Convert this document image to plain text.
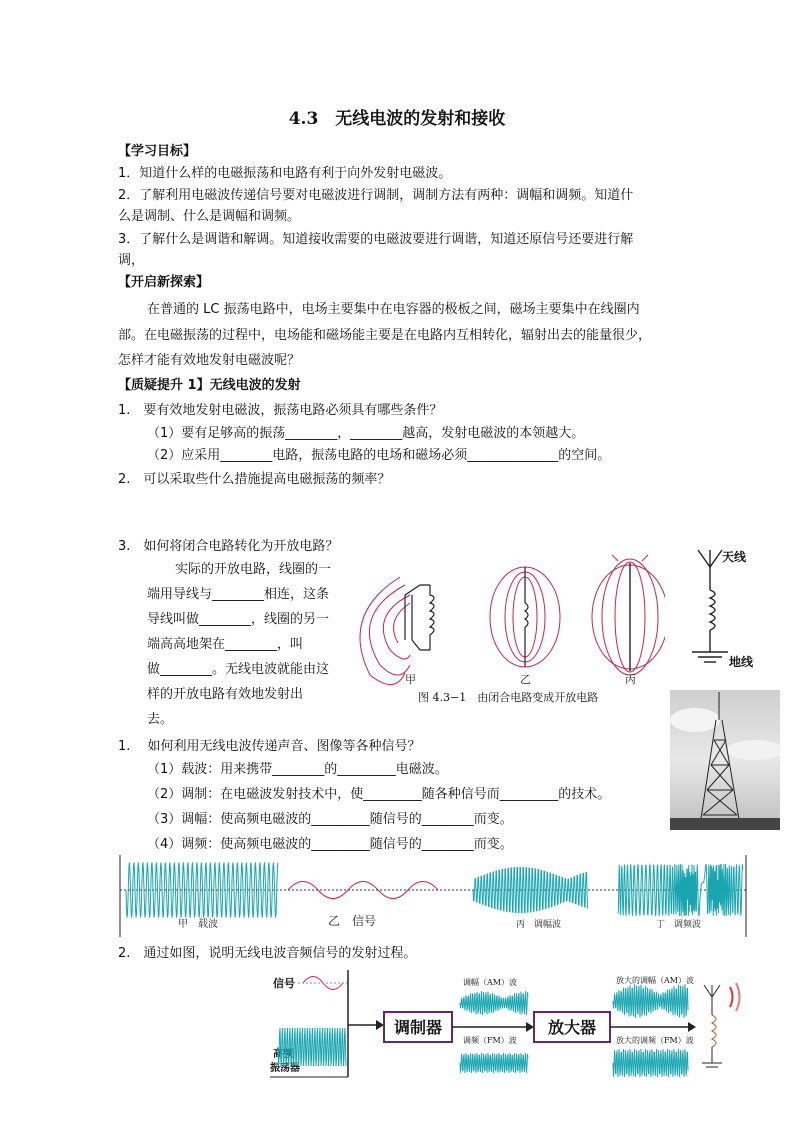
4.3　无线电波的发射和接收
【学习目标】
1．知道什么样的电磁振荡和电路有利于向外发射电磁波。
2．了解利用电磁波传递信号要对电磁波进行调制，调制方法有两种：调幅和调频。知道什
么是调制、什么是调幅和调频。
3．了解什么是调谐和解调。知道接收需要的电磁波要进行调谐，知道还原信号还要进行解
调，
【开启新探索】
在普通的 LC 振荡电路中，电场主要集中在电容器的极板之间，磁场主要集中在线圈内
部。在电磁振荡的过程中，电场能和磁场能主要是在电路内互相转化，辐射出去的能量很少，
怎样才能有效地发射电磁波呢？
【质疑提升 1】无线电波的发射
1.　要有效地发射电磁波，振荡电路必须具有哪些条件？
（1）要有足够高的振荡________，________越高，发射电磁波的本领越大。
（2）应采用________电路，振荡电路的电场和磁场必须______________的空间。
2.　可以采取些什么措施提高电磁振荡的频率？
3.　如何将闭合电路转化为开放电路？
实际的开放电路，线圈的一
端用导线与________相连，这条
导线叫做________，线圈的另一
端高高地架在________，叫
做________。无线电波就能由这
样的开放电路有效地发射出
去。
甲	乙	丙
图 4.3−1　由闭合电路变成开放电路
天线
地线
1.　 如何利用无线电波传递声音、图像等各种信号？
（1）载波：用来携带________的_________电磁波。
（2）调制：在电磁波发射技术中，使_________随各种信号而_________的技术。
（3）调幅：使高频电磁波的_________随信号的________而变。
（4）调频：使高频电磁波的_________随信号的________而变。
甲　载波	乙　信号	丙　调幅波	丁　调频波
2.　通过如图，说明无线电波音频信号的发射过程。
信号
高频
振荡器
调制器
调幅（AM）波
调频（FM）波
放大器
放大的调幅（AM）波
放大的调频（FM）波
